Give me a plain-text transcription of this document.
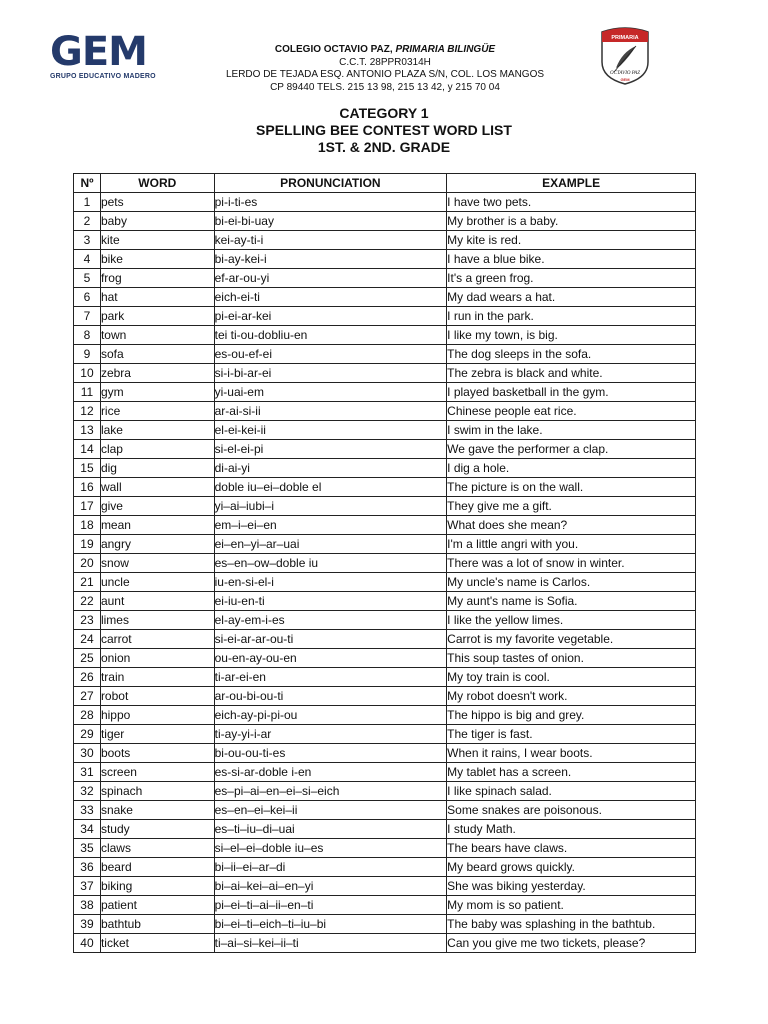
GEM
GRUPO EDUCATIVO MADERO
COLEGIO OCTAVIO PAZ, PRIMARIA BILINGÜE
C.C.T. 28PPR0314H
LERDO DE TEJADA ESQ. ANTONIO PLAZA S/N, COL. LOS MANGOS
CP 89440 TELS. 215 13 98, 215 13 42, y 215 70 04
PRIMARIA
OCTAVIO PAZ
GEM
CATEGORY 1
SPELLING BEE CONTEST WORD LIST
1ST. & 2ND. GRADE
Nº	WORD	PRONUNCIATION	EXAMPLE
1	pets	pi-i-ti-es	I have two pets.
2	baby	bi-ei-bi-uay	My brother is a baby.
3	kite	kei-ay-ti-i	My kite is red.
4	bike	bi-ay-kei-i	I have a blue bike.
5	frog	ef-ar-ou-yi	It's a green frog.
6	hat	eich-ei-ti	My dad wears a hat.
7	park	pi-ei-ar-kei	I run in the park.
8	town	tei ti-ou-dobliu-en	I like my town, is big.
9	sofa	es-ou-ef-ei	The dog sleeps in the sofa.
10	zebra	si-i-bi-ar-ei	The zebra is black and white.
11	gym	yi-uai-em	I played basketball in the gym.
12	rice	ar-ai-si-ii	Chinese people eat rice.
13	lake	el-ei-kei-ii	I swim in the lake.
14	clap	si-el-ei-pi	We gave the performer a clap.
15	dig	di-ai-yi	I dig a hole.
16	wall	doble iu–ei–doble el	The picture is on the wall.
17	give	yi–ai–iubi–i	They give me a gift.
18	mean	em–i–ei–en	What does she mean?
19	angry	ei–en–yi–ar–uai	I'm a little angri with you.
20	snow	es–en–ow–doble iu	There was a lot of snow in winter.
21	uncle	iu-en-si-el-i	My uncle's name is Carlos.
22	aunt	ei-iu-en-ti	My aunt's name is Sofia.
23	limes	el-ay-em-i-es	I like the yellow limes.
24	carrot	si-ei-ar-ar-ou-ti	Carrot is my favorite vegetable.
25	onion	ou-en-ay-ou-en	This soup tastes of onion.
26	train	ti-ar-ei-en	My toy train is cool.
27	robot	ar-ou-bi-ou-ti	My robot doesn't work.
28	hippo	eich-ay-pi-pi-ou	The hippo is big and grey.
29	tiger	ti-ay-yi-i-ar	The tiger is fast.
30	boots	bi-ou-ou-ti-es	When it rains, I wear boots.
31	screen	es-si-ar-doble i-en	My tablet has a screen.
32	spinach	es–pi–ai–en–ei–si–eich	I like spinach salad.
33	snake	es–en–ei–kei–ii	Some snakes are poisonous.
34	study	es–ti–iu–di–uai	I study Math.
35	claws	si–el–ei–doble iu–es	The bears have claws.
36	beard	bi–ii–ei–ar–di	My beard grows quickly.
37	biking	bi–ai–kei–ai–en–yi	She was biking yesterday.
38	patient	pi–ei–ti–ai–ii–en–ti	My mom is so patient.
39	bathtub	bi–ei–ti–eich–ti–iu–bi	The baby was splashing in the bathtub.
40	ticket	ti–ai–si–kei–ii–ti	Can you give me two tickets, please?
